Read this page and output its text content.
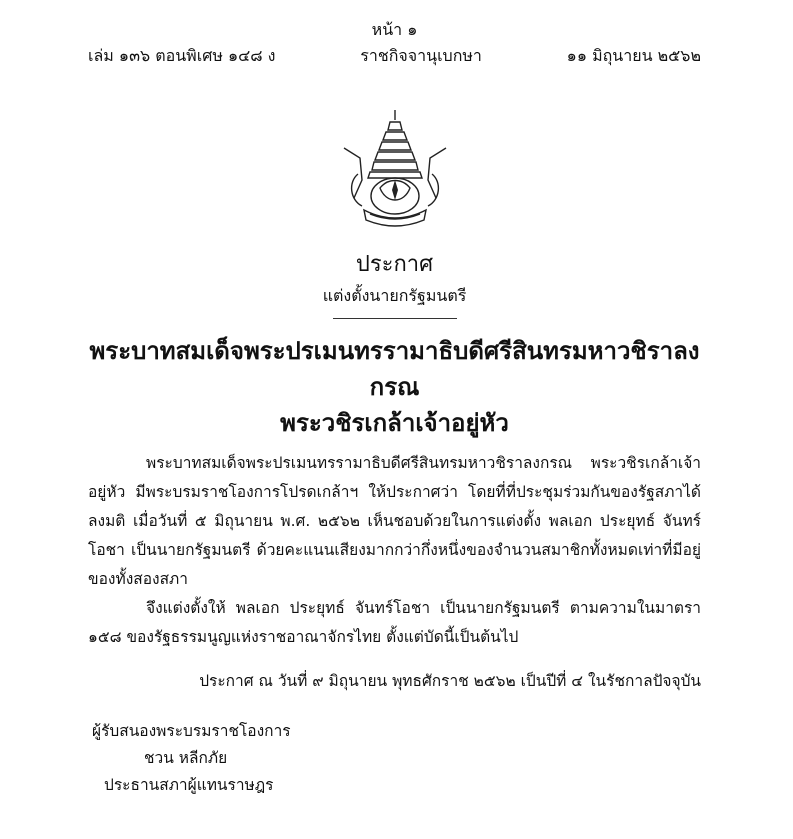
หน้า ๑
เล่ม ๑๓๖ ตอนพิเศษ ๑๔๘ ง	ราชกิจจานุเบกษา	๑๑ มิถุนายน ๒๕๖๒
ประกาศ
แต่งตั้งนายกรัฐมนตรี
พระบาทสมเด็จพระปรเมนทรรามาธิบดีศรีสินทรมหาวชิราลงกรณ
พระวชิรเกล้าเจ้าอยู่หัว

พระบาทสมเด็จพระปรเมนทรรามาธิบดีศรีสินทรมหาวชิราลงกรณ พระวชิรเกล้าเจ้าอยู่หัว มีพระบรมราชโองการโปรดเกล้าฯ ให้ประกาศว่า โดยที่ที่ประชุมร่วมกันของรัฐสภาได้ลงมติ เมื่อวันที่ ๕ มิถุนายน พ.ศ. ๒๕๖๒ เห็นชอบด้วยในการแต่งตั้ง พลเอก ประยุทธ์ จันทร์โอชา เป็นนายกรัฐมนตรี ด้วยคะแนนเสียงมากกว่ากึ่งหนึ่งของจำนวนสมาชิกทั้งหมดเท่าที่มีอยู่ของทั้งสองสภา

จึงแต่งตั้งให้ พลเอก ประยุทธ์ จันทร์โอชา เป็นนายกรัฐมนตรี ตามความในมาตรา ๑๕๘ ของรัฐธรรมนูญแห่งราชอาณาจักรไทย ตั้งแต่บัดนี้เป็นต้นไป

ประกาศ ณ วันที่ ๙ มิถุนายน พุทธศักราช ๒๕๖๒ เป็นปีที่ ๔ ในรัชกาลปัจจุบัน
ผู้รับสนองพระบรมราชโองการ
ชวน หลีกภัย
ประธานสภาผู้แทนราษฎร
